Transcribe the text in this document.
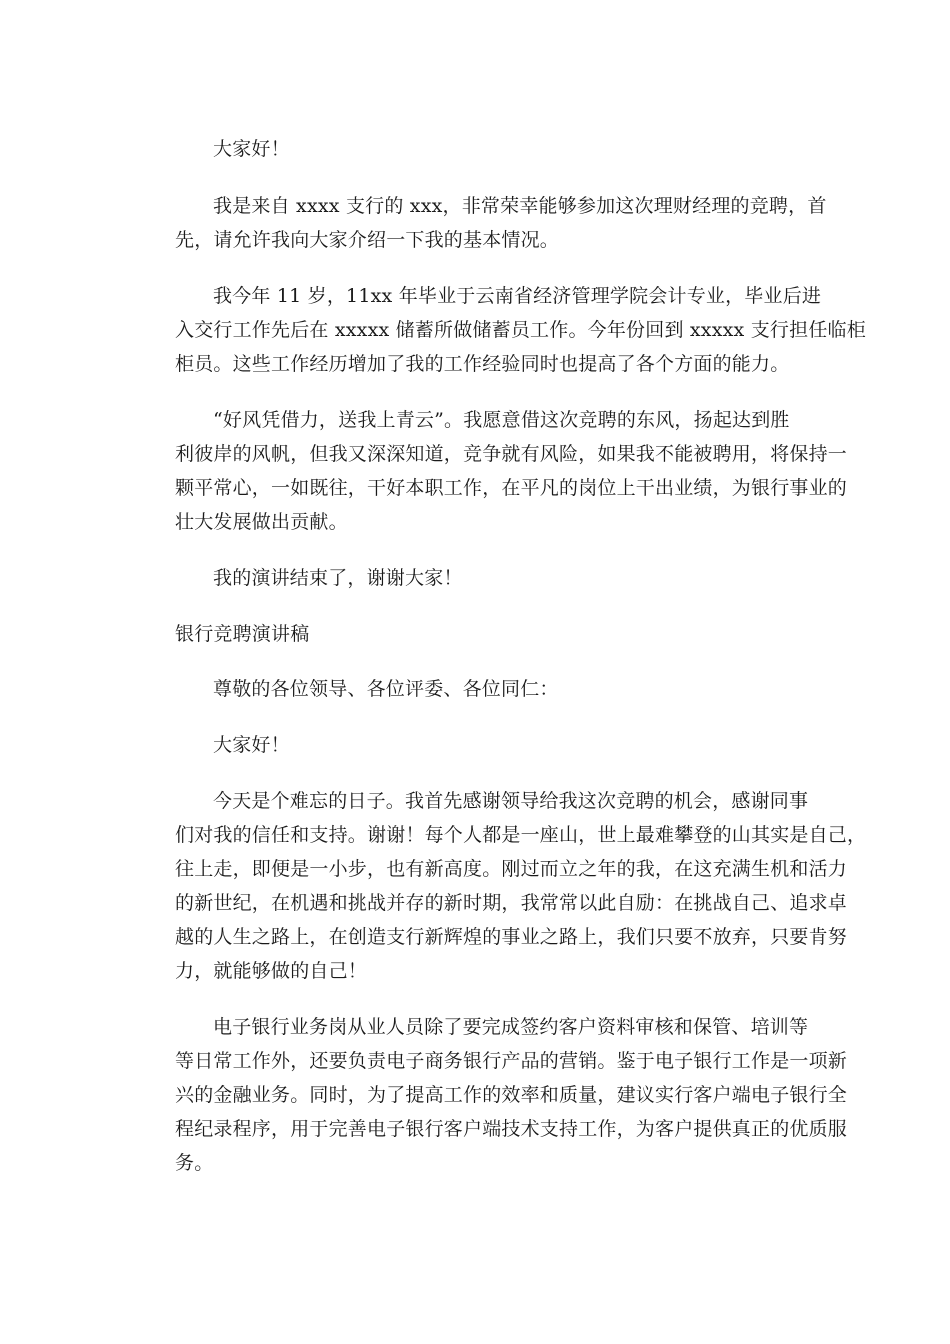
大家好！
我是来自 xxxx 支行的 xxx，非常荣幸能够参加这次理财经理的竞聘，首
先，请允许我向大家介绍一下我的基本情况。
我今年 11 岁，11xx 年毕业于云南省经济管理学院会计专业，毕业后进
入交行工作先后在 xxxxx 储蓄所做储蓄员工作。今年份回到 xxxxx 支行担任临柜
柜员。这些工作经历增加了我的工作经验同时也提高了各个方面的能力。
“好风凭借力，送我上青云”。我愿意借这次竞聘的东风，扬起达到胜
利彼岸的风帆，但我又深深知道，竞争就有风险，如果我不能被聘用，将保持一
颗平常心，一如既往，干好本职工作，在平凡的岗位上干出业绩，为银行事业的
壮大发展做出贡献。
我的演讲结束了，谢谢大家！
银行竞聘演讲稿
尊敬的各位领导、各位评委、各位同仁：
大家好！
今天是个难忘的日子。我首先感谢领导给我这次竞聘的机会，感谢同事
们对我的信任和支持。谢谢！每个人都是一座山，世上最难攀登的山其实是自己，
往上走，即便是一小步，也有新高度。刚过而立之年的我，在这充满生机和活力
的新世纪，在机遇和挑战并存的新时期，我常常以此自励：在挑战自己、追求卓
越的人生之路上，在创造支行新辉煌的事业之路上，我们只要不放弃，只要肯努
力，就能够做的自己！
电子银行业务岗从业人员除了要完成签约客户资料审核和保管、培训等
等日常工作外，还要负责电子商务银行产品的营销。鉴于电子银行工作是一项新
兴的金融业务。同时，为了提高工作的效率和质量，建议实行客户端电子银行全
程纪录程序，用于完善电子银行客户端技术支持工作，为客户提供真正的优质服
务。
